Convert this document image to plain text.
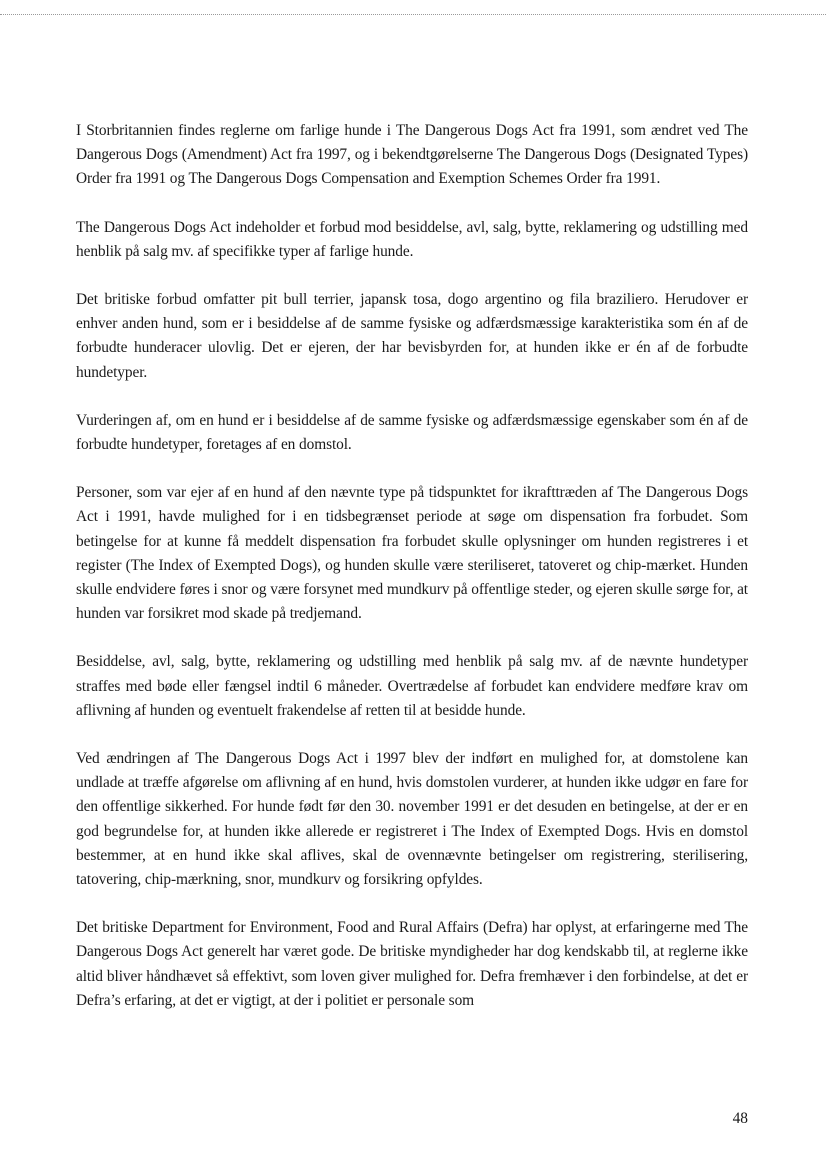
I Storbritannien findes reglerne om farlige hunde i The Dangerous Dogs Act fra 1991, som ændret ved The Dangerous Dogs (Amendment) Act fra 1997, og i bekendtgørelserne The Dangerous Dogs (Designated Types) Order fra 1991 og The Dangerous Dogs Compensation and Exemption Schemes Order fra 1991.

The Dangerous Dogs Act indeholder et forbud mod besiddelse, avl, salg, bytte, reklamering og udstilling med henblik på salg mv. af specifikke typer af farlige hunde.

Det britiske forbud omfatter pit bull terrier, japansk tosa, dogo argentino og fila braziliero. Herudover er enhver anden hund, som er i besiddelse af de samme fysiske og adfærdsmæssige karakteristika som én af de forbudte hunderacer ulovlig. Det er ejeren, der har bevisbyrden for, at hunden ikke er én af de forbudte hundetyper.

Vurderingen af, om en hund er i besiddelse af de samme fysiske og adfærdsmæssige egenskaber som én af de forbudte hundetyper, foretages af en domstol.

Personer, som var ejer af en hund af den nævnte type på tidspunktet for ikrafttræden af The Dangerous Dogs Act i 1991, havde mulighed for i en tidsbegrænset periode at søge om dispensation fra forbudet. Som betingelse for at kunne få meddelt dispensation fra forbudet skulle oplysninger om hunden registreres i et register (The Index of Exempted Dogs), og hunden skulle være steriliseret, tatoveret og chip-mærket. Hunden skulle endvidere føres i snor og være forsynet med mundkurv på offentlige steder, og ejeren skulle sørge for, at hunden var forsikret mod skade på tredjemand.

Besiddelse, avl, salg, bytte, reklamering og udstilling med henblik på salg mv. af de nævnte hundetyper straffes med bøde eller fængsel indtil 6 måneder. Overtrædelse af forbudet kan endvidere medføre krav om aflivning af hunden og eventuelt frakendelse af retten til at besidde hunde.

Ved ændringen af The Dangerous Dogs Act i 1997 blev der indført en mulighed for, at domstolene kan undlade at træffe afgørelse om aflivning af en hund, hvis domstolen vurderer, at hunden ikke udgør en fare for den offentlige sikkerhed. For hunde født før den 30. november 1991 er det desuden en betingelse, at der er en god begrundelse for, at hunden ikke allerede er registreret i The Index of Exempted Dogs. Hvis en domstol bestemmer, at en hund ikke skal aflives, skal de ovennævnte betingelser om registrering, sterilisering, tatovering, chip-mærkning, snor, mundkurv og forsikring opfyldes.

Det britiske Department for Environment, Food and Rural Affairs (Defra) har oplyst, at erfaringerne med The Dangerous Dogs Act generelt har været gode. De britiske myndigheder har dog kendskabb til, at reglerne ikke altid bliver håndhævet så effektivt, som loven giver mulighed for. Defra fremhæver i den forbindelse, at det er Defra’s erfaring, at det er vigtigt, at der i politiet er personale som

48
